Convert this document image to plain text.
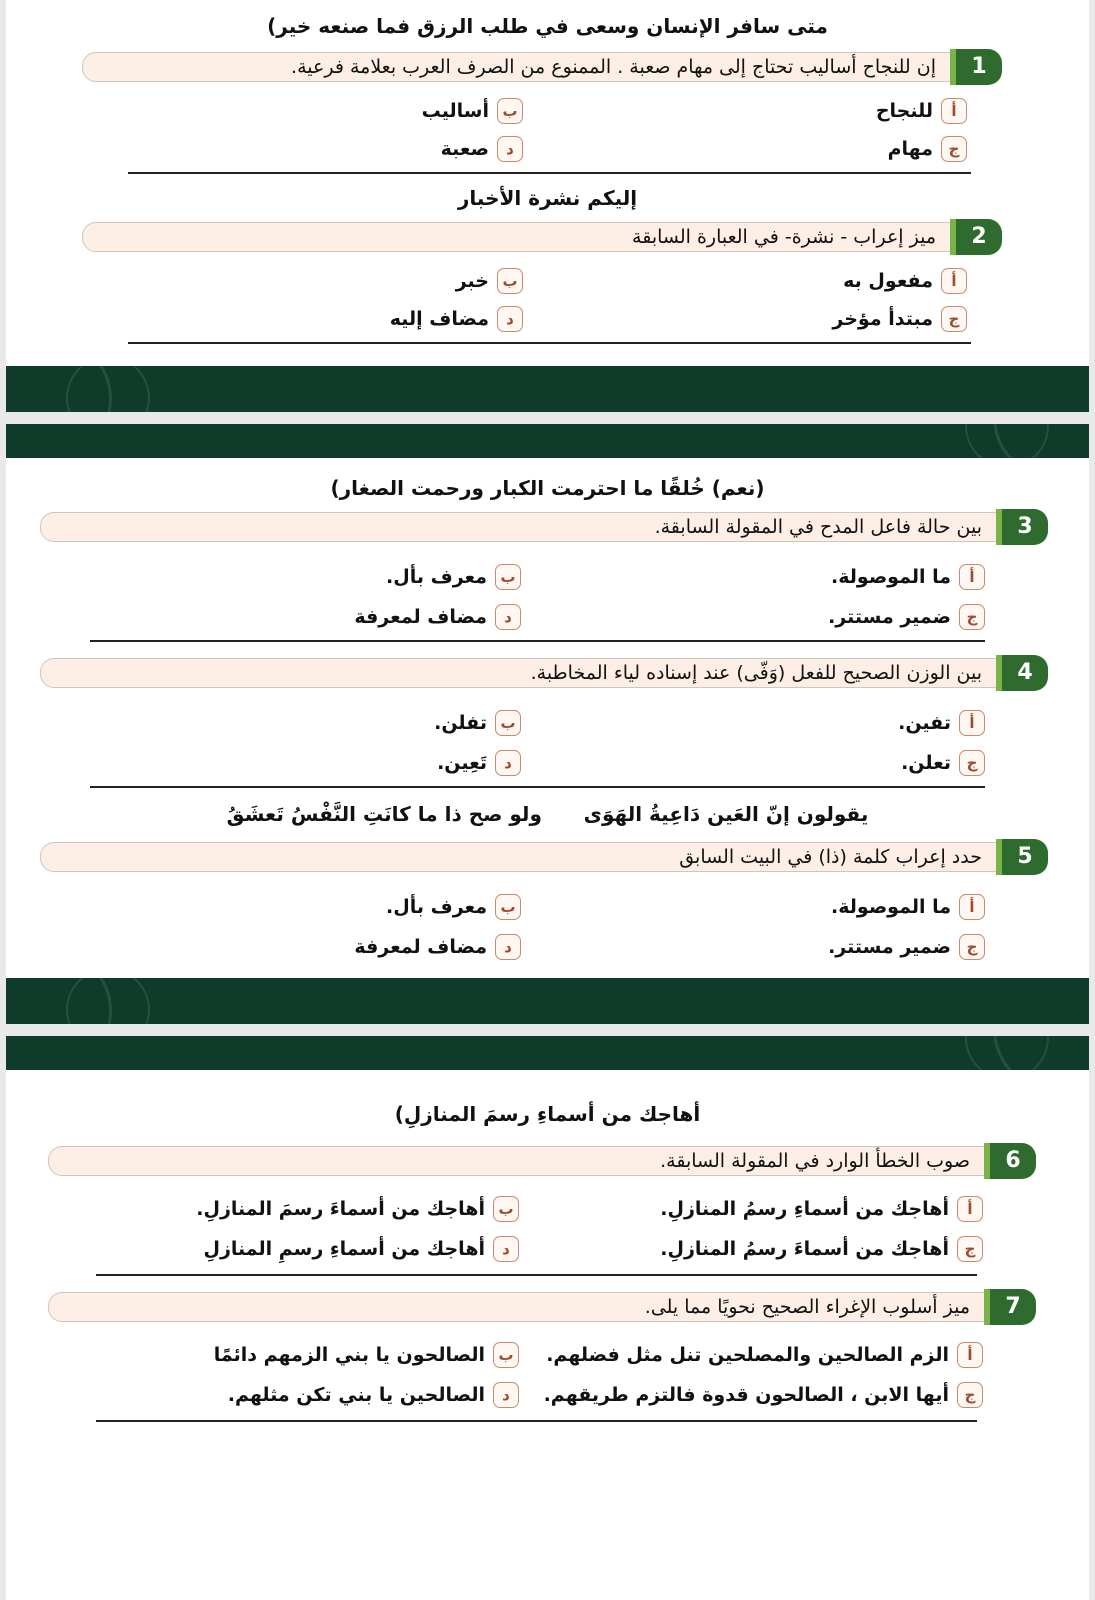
متى سافر الإنسان وسعى في طلب الرزق فما صنعه خير)
1
إن للنجاح أساليب تحتاج إلى مهام صعبة . الممنوع من الصرف العرب بعلامة فرعية.
أ
للنجاح
ب
أساليب
ج
مهام
د
صعبة
إليكم نشرة الأخبار
2
ميز إعراب - نشرة- في العبارة السابقة
أ
مفعول به
ب
خبر
ج
مبتدأ مؤخر
د
مضاف إليه
(نعم) خُلقًا ما احترمت الكبار ورحمت الصغار)
3
بين حالة فاعل المدح في المقولة السابقة.
أ
ما الموصولة.
ب
معرف بأل.
ج
ضمير مستتر.
د
مضاف لمعرفة
4
بين الوزن الصحيح للفعل (وَفّى) عند إسناده لياء المخاطبة.
أ
تفين.
ب
تفلن.
ج
تعلن.
د
تَعِين.
يقولون إنّ العَين دَاعِيةُ الهَوَى      ولو صح ذا ما كانَتِ النَّفْسُ تَعشَقُ
5
حدد إعراب كلمة (ذا) في البيت السابق
أ
ما الموصولة.
ب
معرف بأل.
ج
ضمير مستتر.
د
مضاف لمعرفة
أهاجك من أسماءِ رسمَ المنازلِ)
6
صوب الخطأ الوارد في المقولة السابقة.
أ
أهاجك من أسماءِ رسمُ المنازلِ.
ب
أهاجك من أسماءَ رسمَ المنازلِ.
ج
أهاجك من أسماءَ رسمُ المنازلِ.
د
أهاجك من أسماءِ رسمِ المنازلِ
7
ميز أسلوب الإغراء الصحيح نحويًا مما يلى.
أ
الزم الصالحين والمصلحين تنل مثل فضلهم.
ب
الصالحون يا بني الزمهم دائمًا
ج
أيها الابن ، الصالحون قدوة فالتزم طريقهم.
د
الصالحين يا بني تكن مثلهم.
